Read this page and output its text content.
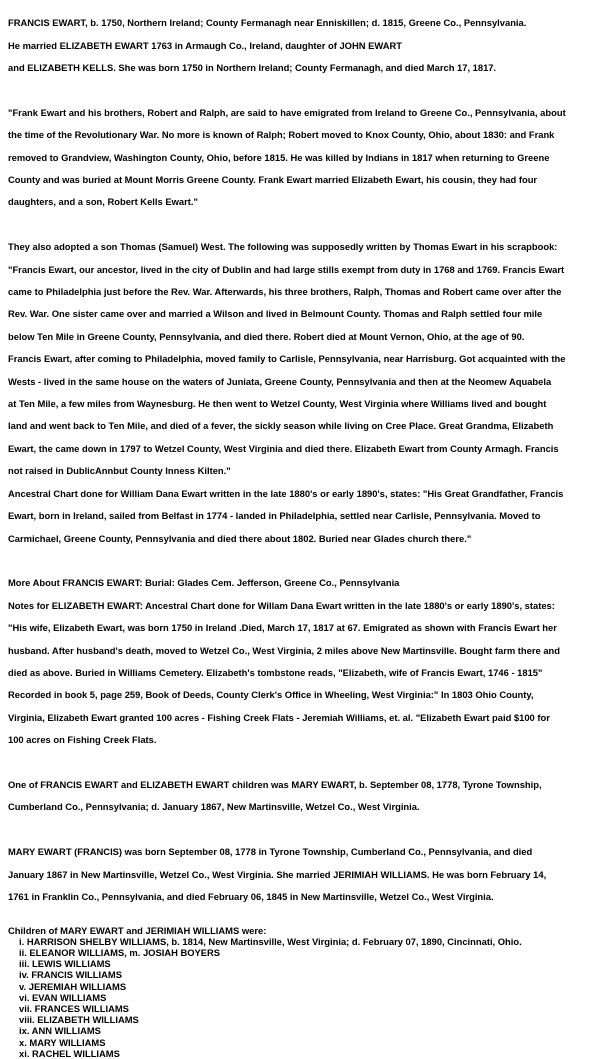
FRANCIS EWART, b. 1750, Northern Ireland; County Fermanagh near Enniskillen; d. 1815, Greene Co., Pennsylvania.

He married ELIZABETH EWART 1763 in Armaugh Co., Ireland, daughter of JOHN EWART

and ELIZABETH KELLS. She was born 1750 in Northern Ireland; County Fermanagh, and died March 17, 1817.

"Frank Ewart and his brothers, Robert and Ralph, are said to have emigrated from Ireland to Greene Co., Pennsylvania, about

the time of the Revolutionary War. No more is known of Ralph; Robert moved to Knox County, Ohio, about 1830: and Frank

removed to Grandview, Washington County, Ohio, before 1815. He was killed by Indians in 1817 when returning to Greene

County and was buried at Mount Morris Greene County. Frank Ewart married Elizabeth Ewart, his cousin, they had four

daughters, and a son, Robert Kells Ewart."

They also adopted a son Thomas (Samuel) West. The following was supposedly written by Thomas Ewart in his scrapbook:

"Francis Ewart, our ancestor, lived in the city of Dublin and had large stills exempt from duty in 1768 and 1769. Francis Ewart

came to Philadelphia just before the Rev. War. Afterwards, his three brothers, Ralph, Thomas and Robert came over after the

Rev. War. One sister came over and married a Wilson and lived in Belmount County. Thomas and Ralph settled four mile

below Ten Mile in Greene County, Pennsylvania, and died there. Robert died at Mount Vernon, Ohio, at the age of 90.

Francis Ewart, after coming to Philadelphia, moved family to Carlisle, Pennsylvania, near Harrisburg. Got acquainted with the

Wests - lived in the same house on the waters of Juniata, Greene County, Pennsylvania and then at the Neomew Aquabela

at Ten Mile, a few miles from Waynesburg. He then went to Wetzel County, West Virginia where Williams lived and bought

land and went back to Ten Mile, and died of a fever, the sickly season while living on Cree Place. Great Grandma, Elizabeth

Ewart, the came down in 1797 to Wetzel County, West Virginia and died there. Elizabeth Ewart from County Armagh. Francis

not raised in DublicAnnbut County Inness Kilten."

Ancestral Chart done for William Dana Ewart written in the late 1880's or early 1890's, states: "His Great Grandfather, Francis

Ewart, born in Ireland, sailed from Belfast in 1774 - landed in Philadelphia, settled near Carlisle, Pennsylvania. Moved to

Carmichael, Greene County, Pennsylvania and died there about 1802. Buried near Glades church there."

More About FRANCIS EWART: Burial: Glades Cem. Jefferson, Greene Co., Pennsylvania

Notes for ELIZABETH EWART: Ancestral Chart done for Willam Dana Ewart written in the late 1880's or early 1890's, states:

"His wife, Elizabeth Ewart, was born 1750 in Ireland .Died, March 17, 1817 at 67. Emigrated as shown with Francis Ewart her

husband. After husband's death, moved to Wetzel Co., West Virginia, 2 miles above New Martinsville. Bought farm there and

died as above. Buried in Williams Cemetery. Elizabeth's tombstone reads, "Elizabeth, wife of Francis Ewart, 1746 - 1815"

Recorded in book 5, page 259, Book of Deeds, County Clerk's Office in Wheeling, West Virginia:" In 1803 Ohio County,

Virginia, Elizabeth Ewart granted 100 acres - Fishing Creek Flats - Jeremiah Williams, et. al. "Elizabeth Ewart paid $100 for

100 acres on Fishing Creek Flats.

One of FRANCIS EWART and ELIZABETH EWART children was MARY EWART, b. September 08, 1778, Tyrone Township,

Cumberland Co., Pennsylvania; d. January 1867, New Martinsville, Wetzel Co., West Virginia.

MARY EWART (FRANCIS) was born September 08, 1778 in Tyrone Township, Cumberland Co., Pennsylvania, and died

January 1867 in New Martinsville, Wetzel Co., West Virginia. She married JERIMIAH WILLIAMS. He was born February 14,

1761 in Franklin Co., Pennsylvania, and died February 06, 1845 in New Martinsville, Wetzel Co., West Virginia.

Children of MARY EWART and JERIMIAH WILLIAMS were:
i. HARRISON SHELBY WILLIAMS, b. 1814, New Martinsville, West Virginia; d. February 07, 1890, Cincinnati, Ohio.
ii. ELEANOR WILLIAMS, m. JOSIAH BOYERS
iii. LEWIS WILLIAMS
iv. FRANCIS WILLIAMS
v. JEREMIAH WILLIAMS
vi. EVAN WILLIAMS
vii. FRANCES WILLIAMS
viii. ELIZABETH WILLIAMS
ix. ANN WILLIAMS
x. MARY WILLIAMS
xi. RACHEL WILLIAMS
